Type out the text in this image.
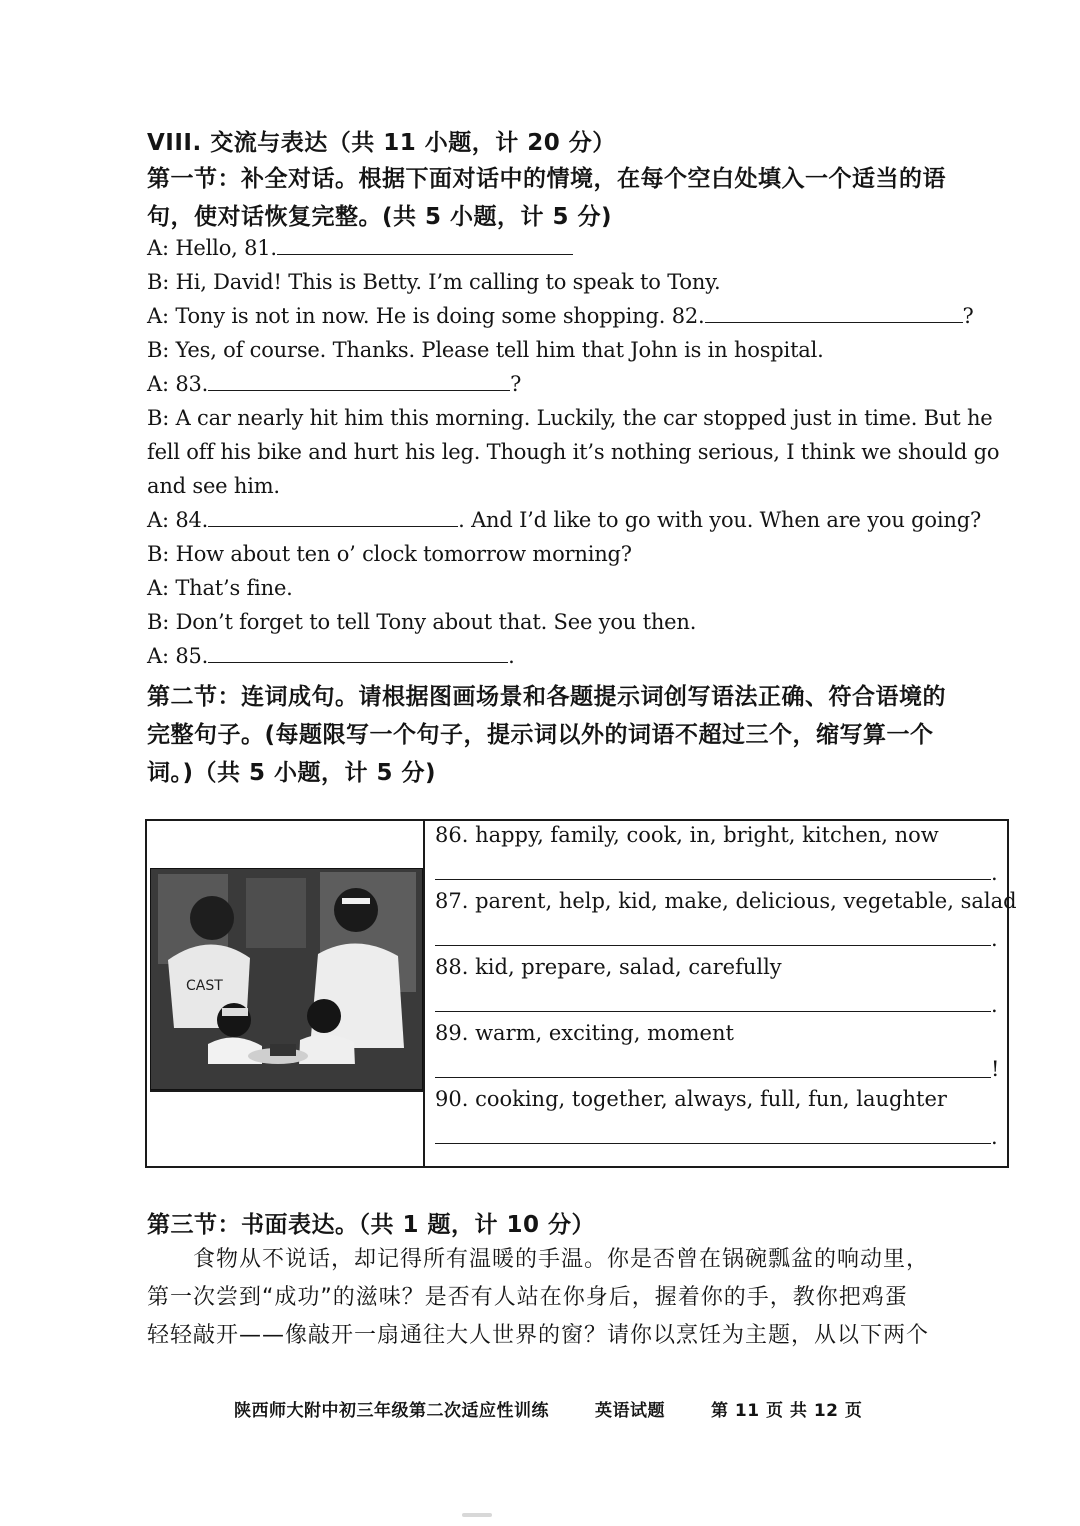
VIII. 交流与表达（共 11 小题，计 20 分）
第一节：补全对话。根据下面对话中的情境，在每个空白处填入一个适当的语
句，使对话恢复完整。(共 5 小题，计 5 分)
A: Hello, 81.
B: Hi, David! This is Betty. I’m calling to speak to Tony.
A: Tony is not in now. He is doing some shopping. 82.	?
B: Yes, of course. Thanks. Please tell him that John is in hospital.
A: 83.	?
B: A car nearly hit him this morning. Luckily, the car stopped just in time. But he
fell off his bike and hurt his leg. Though it’s nothing serious, I think we should go
and see him.
A: 84.	. And I’d like to go with you. When are you going?
B: How about ten o’ clock tomorrow morning?
A: That’s fine.
B: Don’t forget to tell Tony about that. See you then.
A: 85.	.
第二节：连词成句。请根据图画场景和各题提示词创写语法正确、符合语境的
完整句子。(每题限写一个句子，提示词以外的词语不超过三个，缩写算一个
词。)（共 5 小题，计 5 分)
CAST
86. happy, family, cook, in, bright, kitchen, now
.
87. parent, help, kid, make, delicious, vegetable, salad
.
88. kid, prepare, salad, carefully
.
89. warm, exciting, moment
!
90. cooking, together, always, full, fun, laughter
.
第三节：书面表达。（共 1 题，计 10 分）
食物从不说话，却记得所有温暖的手温。你是否曾在锅碗瓢盆的响动里，
第一次尝到“成功”的滋味？是否有人站在你身后，握着你的手，教你把鸡蛋
轻轻敲开——像敲开一扇通往大人世界的窗？请你以烹饪为主题，从以下两个
陕西师大附中初三年级第二次适应性训练	英语试题	第 11 页 共 12 页
